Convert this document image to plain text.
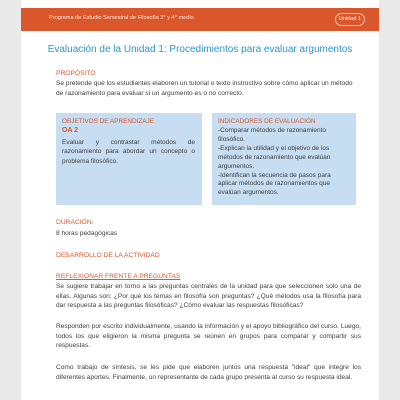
Programa de Estudio Semestral de Filosofía 3° y 4° medio	Unidad 1
Evaluación de la Unidad 1: Procedimientos para evaluar argumentos
PROPÓSITO
Se pretende que los estudiantes elaboren un tutorial o texto instructivo sobre cómo aplicar un método de razonamiento para evaluar si un argumento es o no correcto.
OBJETIVOS DE APRENDIZAJE
OA 2
Evaluar y contrastar métodos de razonamiento para abordar un concepto o problema filosófico.
INDICADORES DE EVALUACIÓN
-Comparar métodos de razonamiento filosófico.
-Explican la utilidad y el objetivo de los métodos de razonamiento que evalúan argumentos.
-Identifican la secuencia de pasos para aplicar métodos de razonamientos que evalúan argumentos.
DURACIÓN:
8 horas pedagógicas
DESARROLLO DE LA ACTIVIDAD
REFLEXIONAR FRENTE A PREGUNTAS
Se sugiere trabajar en torno a las preguntas centrales de la unidad para que seleccionen solo una de ellas. Algunas son: ¿Por qué los temas en filosofía son preguntas? ¿Qué métodos usa la filosofía para dar respuesta a las preguntas filosóficas? ¿Cómo evaluar las respuestas filosóficas?
Responden por escrito individualmente, usando la información y el apoyo bibliográfico del curso. Luego, todos los que eligieron la misma pregunta se reúnen en grupos para comparar y compartir sus respuestas.
Como trabajo de síntesis, se les pide que elaboren juntos una respuesta "ideal" que integre los diferentes aportes. Finalmente, un representante de cada grupo presenta al curso su respuesta ideal.
